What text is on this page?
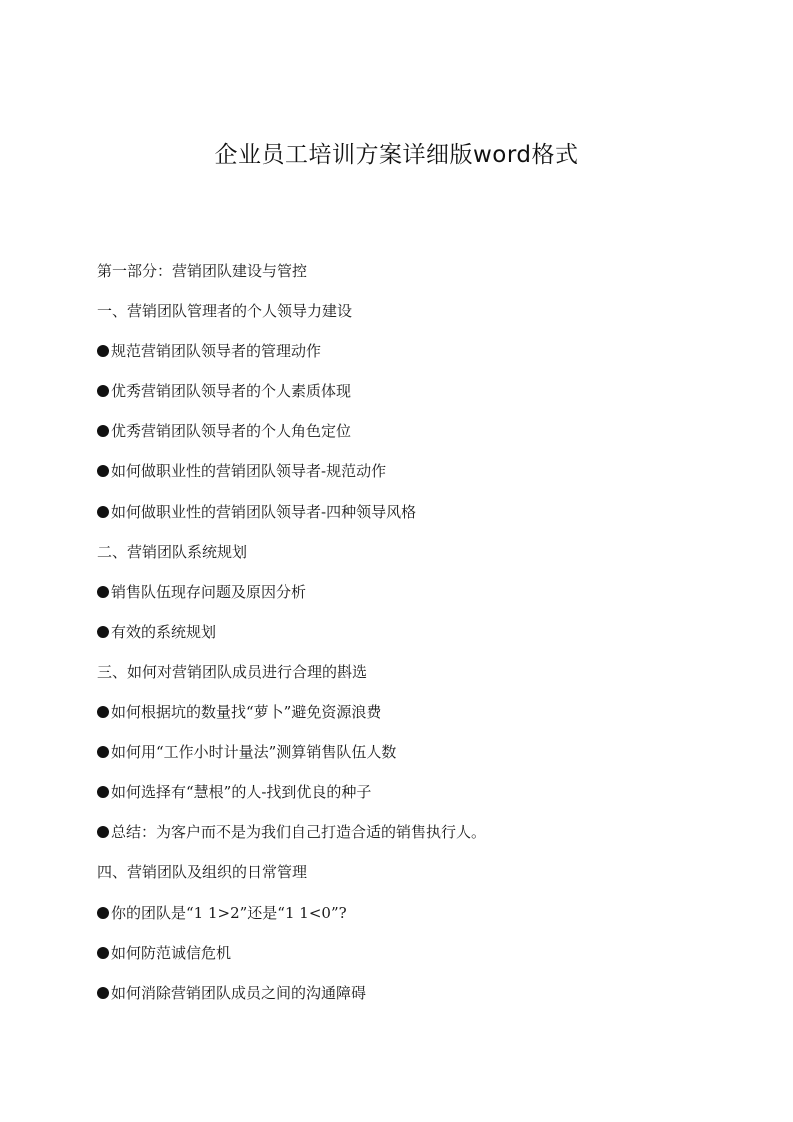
企业员工培训方案详细版word格式
第一部分：营销团队建设与管控
一、营销团队管理者的个人领导力建设
规范营销团队领导者的管理动作
优秀营销团队领导者的个人素质体现
优秀营销团队领导者的个人角色定位
如何做职业性的营销团队领导者-规范动作
如何做职业性的营销团队领导者-四种领导风格
二、营销团队系统规划
销售队伍现存问题及原因分析
有效的系统规划
三、如何对营销团队成员进行合理的斟选
如何根据坑的数量找“萝卜”避免资源浪费
如何用“工作小时计量法”测算销售队伍人数
如何选择有“慧根”的人-找到优良的种子
总结：为客户而不是为我们自己打造合适的销售执行人。
四、营销团队及组织的日常管理
你的团队是“1 1>2”还是“1 1<0”?
如何防范诚信危机
如何消除营销团队成员之间的沟通障碍
